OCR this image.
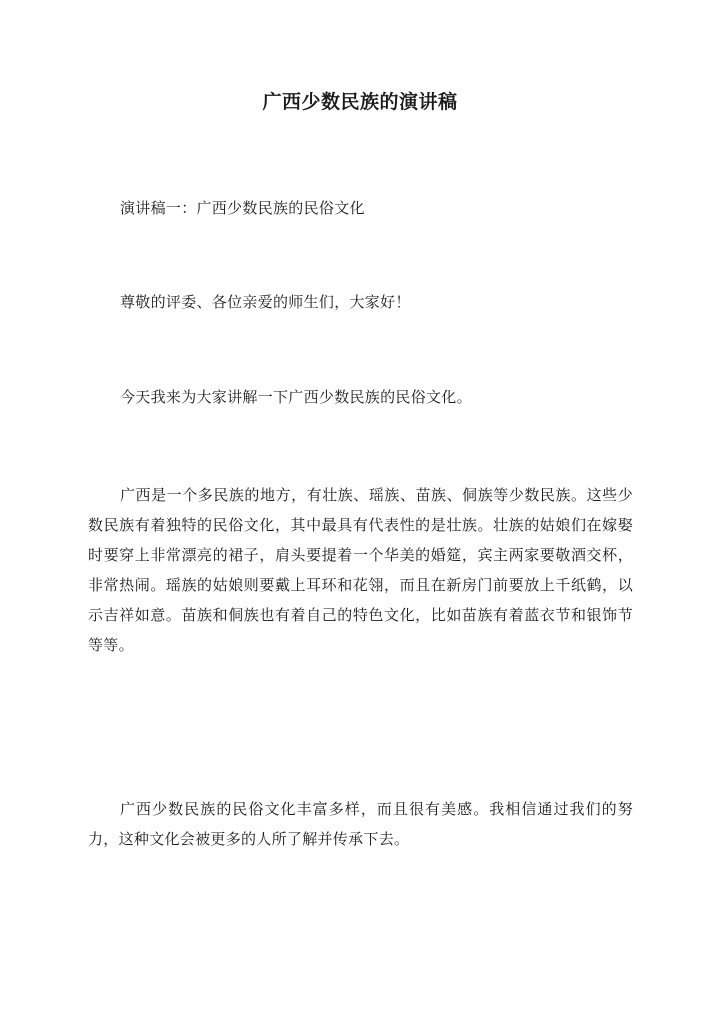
广西少数民族的演讲稿

演讲稿一：广西少数民族的民俗文化

尊敬的评委、各位亲爱的师生们，大家好！

今天我来为大家讲解一下广西少数民族的民俗文化。

广西是一个多民族的地方，有壮族、瑶族、苗族、侗族等少数民族。这些少数民族有着独特的民俗文化，其中最具有代表性的是壮族。壮族的姑娘们在嫁娶时要穿上非常漂亮的裙子，肩头要提着一个华美的婚筵，宾主两家要敬酒交杯，非常热闹。瑶族的姑娘则要戴上耳环和花翎，而且在新房门前要放上千纸鹤，以示吉祥如意。苗族和侗族也有着自己的特色文化，比如苗族有着蓝衣节和银饰节等等。

广西少数民族的民俗文化丰富多样，而且很有美感。我相信通过我们的努力，这种文化会被更多的人所了解并传承下去。
